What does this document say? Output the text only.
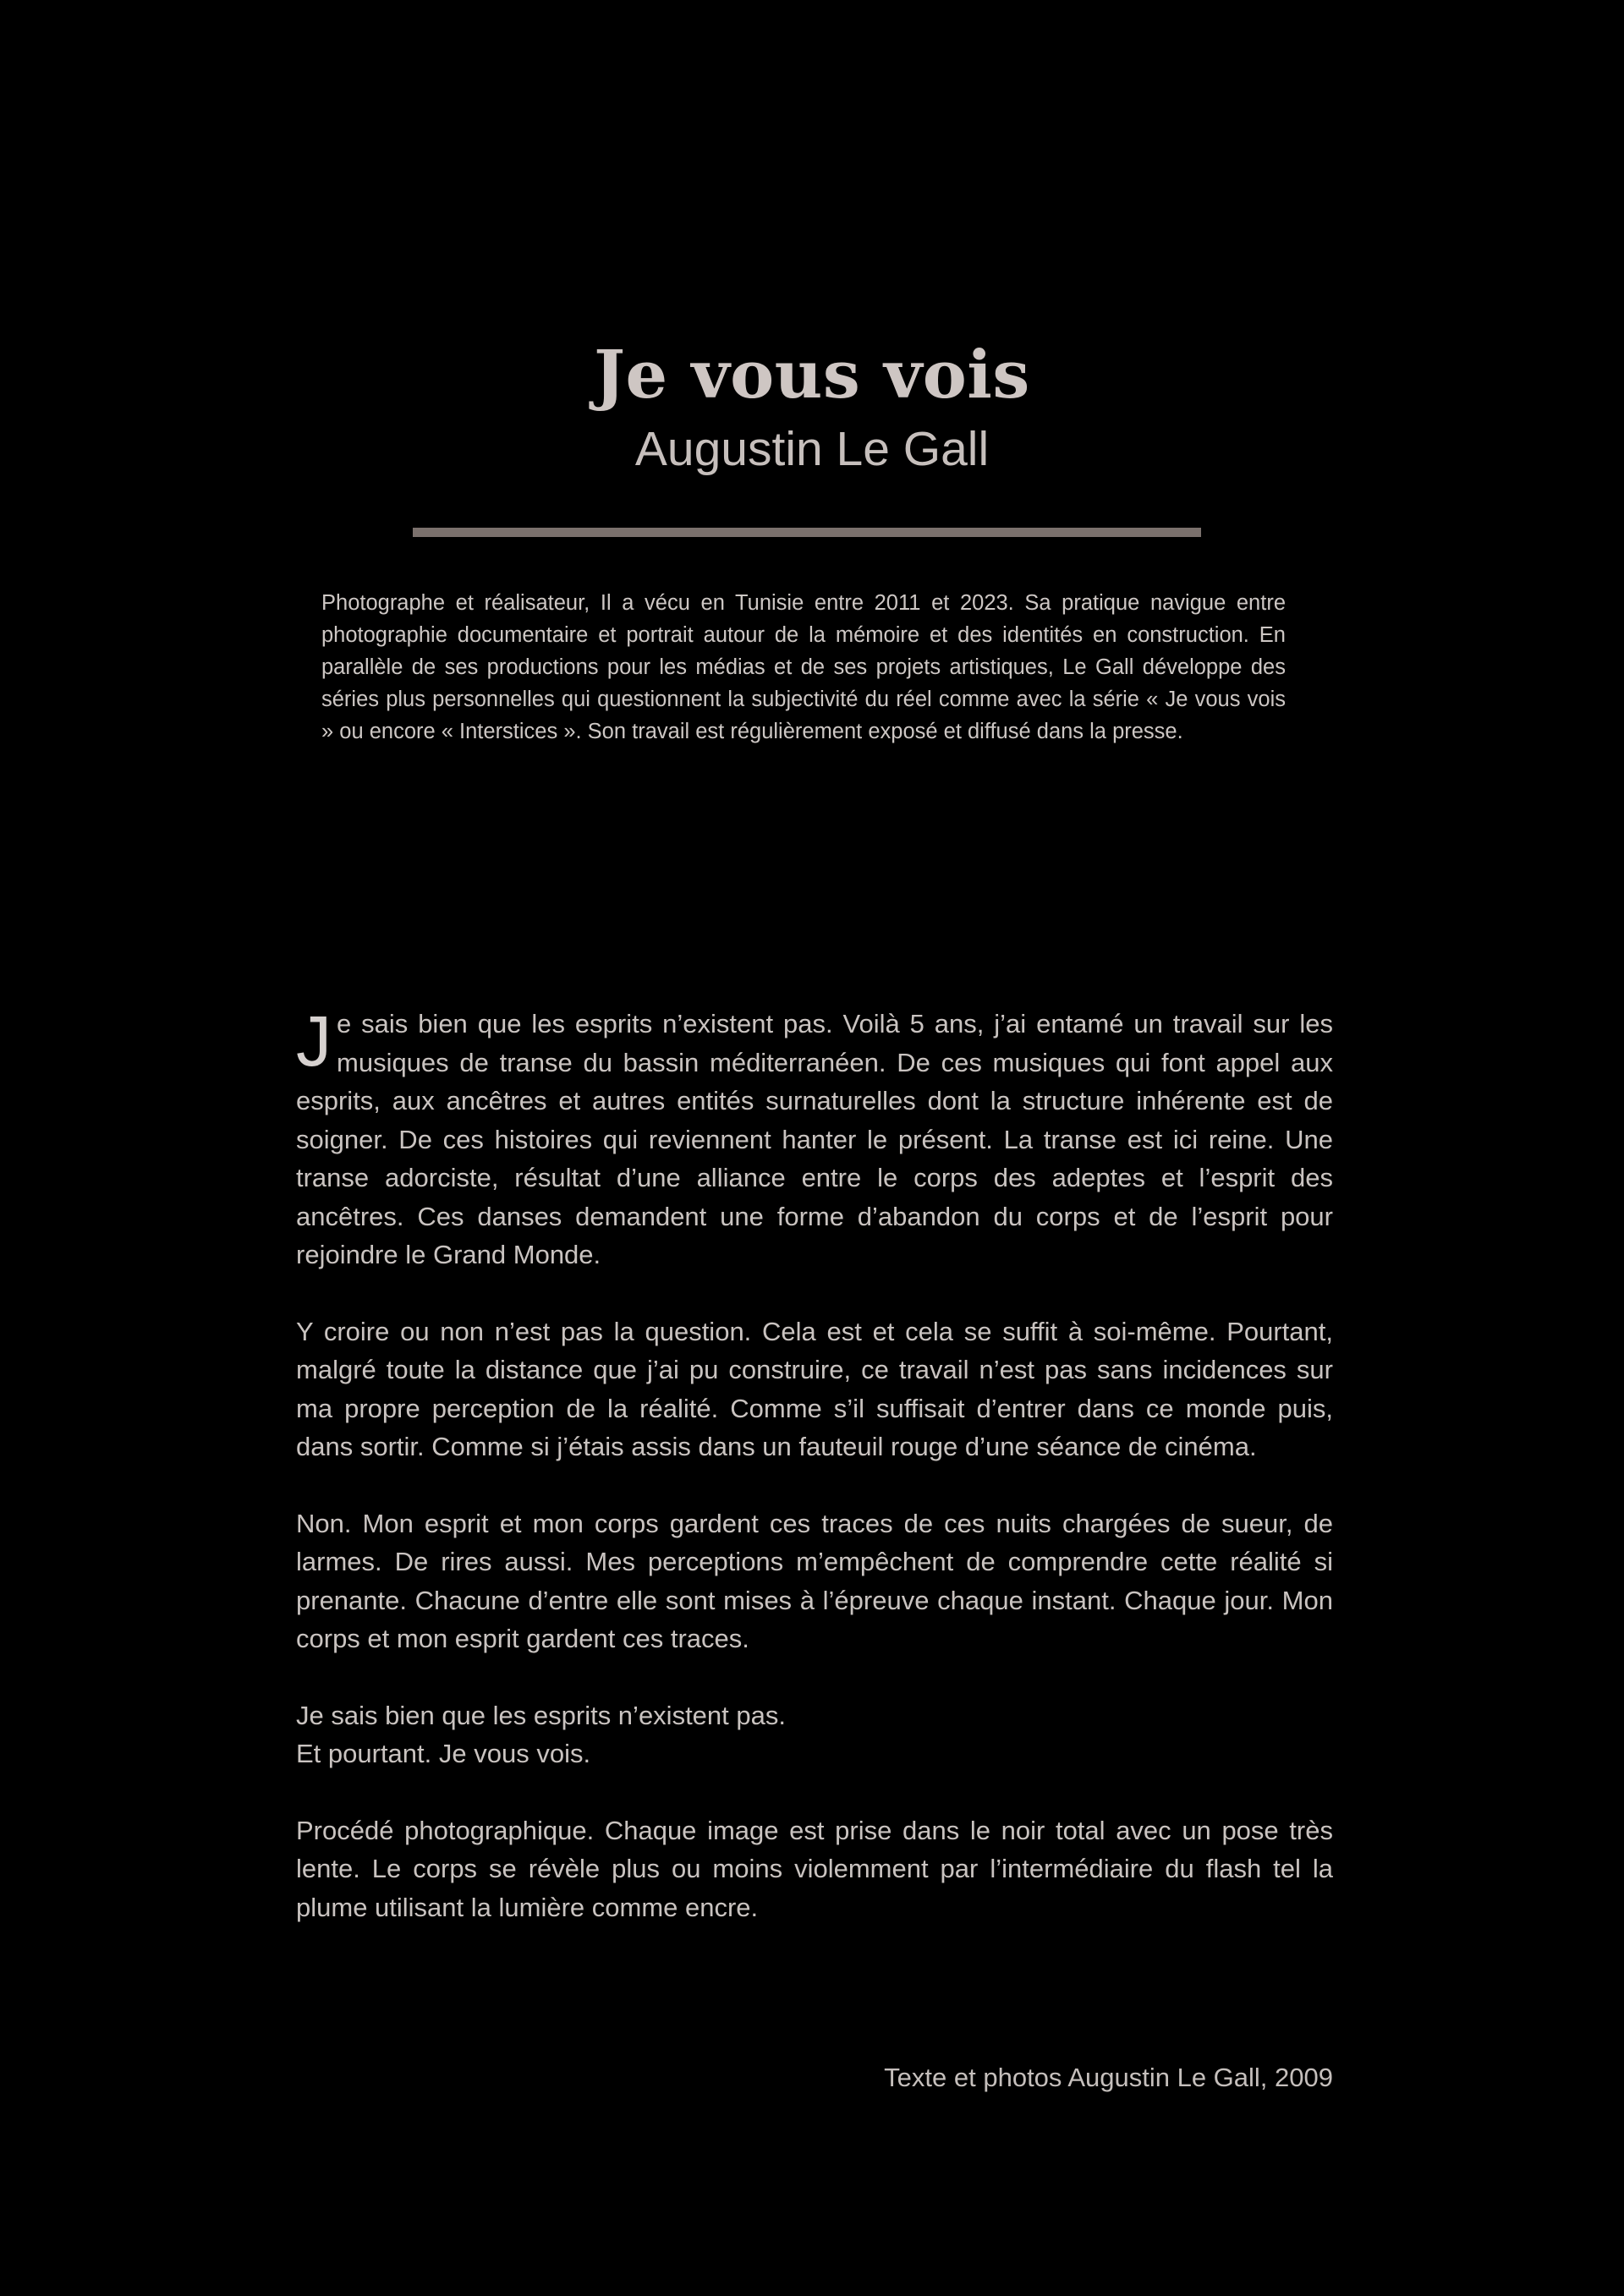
Je vous vois
Augustin Le Gall

Photographe et réalisateur, Il a vécu en Tunisie entre 2011 et 2023. Sa pratique navigue entre photographie documentaire et portrait autour de la mémoire et des identités en construction. En parallèle de ses productions pour les médias et de ses projets artistiques, Le Gall développe des séries plus personnelles qui questionnent la subjectivité du réel comme avec la série « Je vous vois » ou encore « Interstices ». Son travail est régulièrement exposé et diffusé dans la presse.

Je sais bien que les esprits n’existent pas. Voilà 5 ans, j’ai entamé un travail sur les musiques de transe du bassin méditerranéen. De ces musiques qui font appel aux esprits, aux ancêtres et autres entités surnaturelles dont la structure inhérente est de soigner. De ces histoires qui reviennent hanter le présent. La transe est ici reine. Une transe adorciste, résultat d’une alliance entre le corps des adeptes et l’esprit des ancêtres. Ces danses demandent une forme d’abandon du corps et de l’esprit pour rejoindre le Grand Monde.

Y croire ou non n’est pas la question. Cela est et cela se suffit à soi-même. Pourtant, malgré toute la distance que j’ai pu construire, ce travail n’est pas sans incidences sur ma propre perception de la réalité. Comme s’il suffisait d’entrer dans ce monde puis, dans sortir. Comme si j’étais assis dans un fauteuil rouge d’une séance de cinéma.

Non. Mon esprit et mon corps gardent ces traces de ces nuits chargées de sueur, de larmes. De rires aussi. Mes perceptions m’empêchent de comprendre cette réalité si prenante. Chacune d’entre elle sont mises à l’épreuve chaque instant. Chaque jour. Mon corps et mon esprit gardent ces traces.

Je sais bien que les esprits n’existent pas.

Et pourtant. Je vous vois.

Procédé photographique. Chaque image est prise dans le noir total avec un pose très lente. Le corps se révèle plus ou moins violemment par l’intermédiaire du flash tel la plume utilisant la lumière comme encre.

Texte et photos Augustin Le Gall, 2009
